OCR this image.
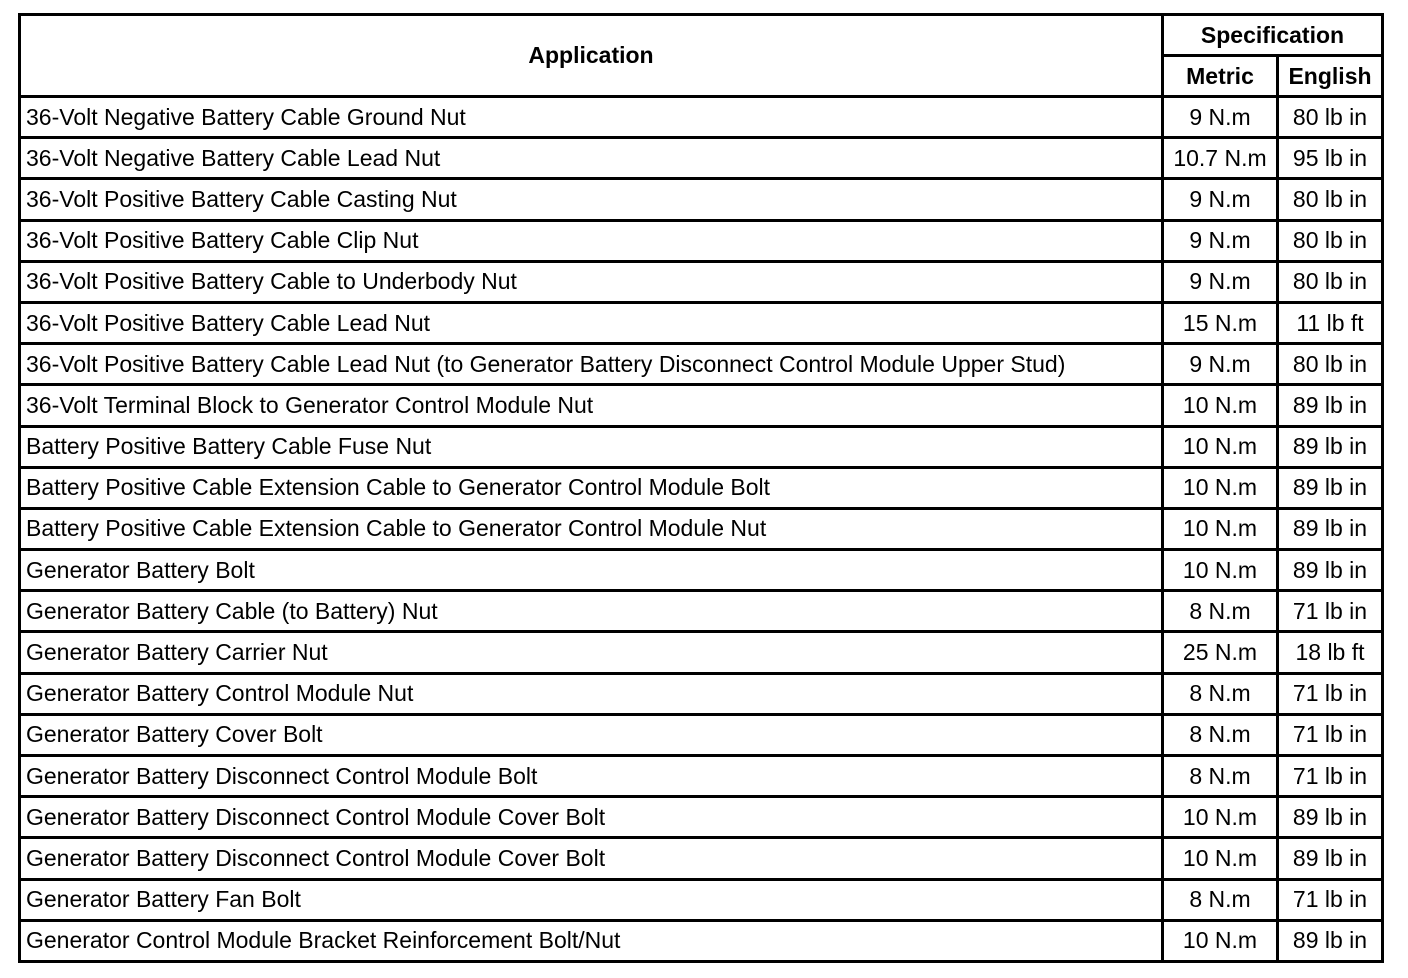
Application	Specification	
	Metric	English
36-Volt Negative Battery Cable Ground Nut	9 N.m	80 lb in
36-Volt Negative Battery Cable Lead Nut	10.7 N.m	95 lb in
36-Volt Positive Battery Cable Casting Nut	9 N.m	80 lb in
36-Volt Positive Battery Cable Clip Nut	9 N.m	80 lb in
36-Volt Positive Battery Cable to Underbody Nut	9 N.m	80 lb in
36-Volt Positive Battery Cable Lead Nut	15 N.m	11 lb ft
36-Volt Positive Battery Cable Lead Nut (to Generator Battery Disconnect Control Module Upper Stud)	9 N.m	80 lb in
36-Volt Terminal Block to Generator Control Module Nut	10 N.m	89 lb in
Battery Positive Battery Cable Fuse Nut	10 N.m	89 lb in
Battery Positive Cable Extension Cable to Generator Control Module Bolt	10 N.m	89 lb in
Battery Positive Cable Extension Cable to Generator Control Module Nut	10 N.m	89 lb in
Generator Battery Bolt	10 N.m	89 lb in
Generator Battery Cable (to Battery) Nut	8 N.m	71 lb in
Generator Battery Carrier Nut	25 N.m	18 lb ft
Generator Battery Control Module Nut	8 N.m	71 lb in
Generator Battery Cover Bolt	8 N.m	71 lb in
Generator Battery Disconnect Control Module Bolt	8 N.m	71 lb in
Generator Battery Disconnect Control Module Cover Bolt	10 N.m	89 lb in
Generator Battery Disconnect Control Module Cover Bolt	10 N.m	89 lb in
Generator Battery Fan Bolt	8 N.m	71 lb in
Generator Control Module Bracket Reinforcement Bolt/Nut	10 N.m	89 lb in
